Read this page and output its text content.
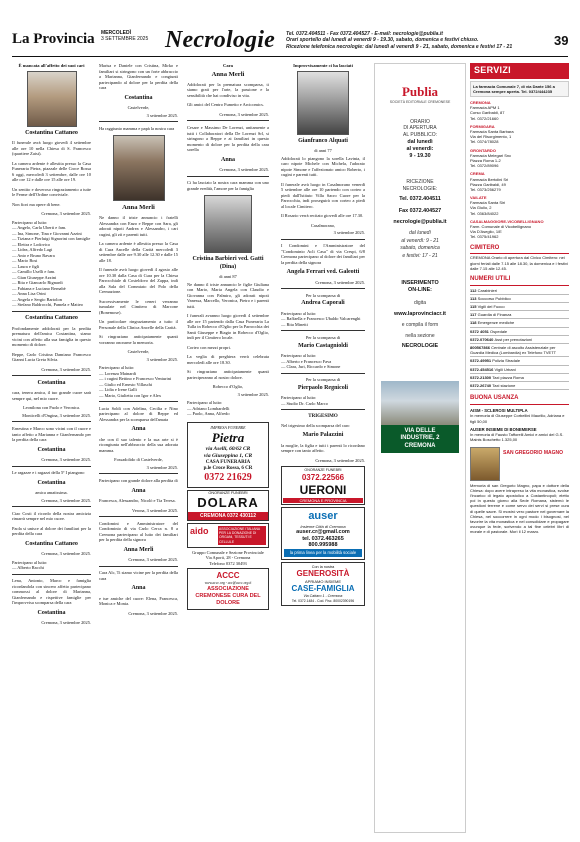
La Provincia MERCOLEDÌ
3 SETTEMBRE 2025 Necrologie Tel. 0372.404511 - Fax 0372.404527 - E-mail: necrologie@publia.it
Orari sportello dal lunedì al venerdì 9 - 19.30, sabato, domenica e festivi chiuso.
Ricezione telefonica necrologie: dal lunedì al venerdì 9 - 21, sabato, domenica e festivi 17 - 21	39
È mancata all'affetto dei suoi cari
Costantina Cattaneo

Il funerale avrà luogo giovedì 4 settembre alle ore 10 nella Chiesa di S. Francesco (quartiere Zaist).

La camera ardente è allestita presso la Casa Funeraria Pietra, piazzale delle Croce Rossa 6 oggi, mercoledì 3 settembre, dalle ore 10 alle ore 12 e dalle ore 15 alle ore 19.

Un sentito e doveroso ringraziamento a tutte le Ferme dell'Ordine conviviale.

Non fiori ma opere di bene.

Cremona, 3 settembre 2025.
Partecipano al lutto:
— Angelo, Carla Uberti e fam.
— Ina, Simone, Tina e Giovanni Azzini
— Tiziana e Pierluigi Signorini con famiglie
— Elettra e Lodovico
— Lidea, Alfredo Lagi
— Anto e Bruno Ravara
— Mario Bosi
— Laura e figli
— Camillo Uselli e fam.
— Gian Giuseppe Azzini
— Rita e Giancarlo Rignardi
— Fabiana e Luciano Bernabè
— Anna Lisa Orini
— Angela e Sergio Bartolon
— Stefano Baldrocchi, Pamela e Matteo
Costantina Cattaneo

Profondamente addolorati per la perdita prematura dell'amica Costantina, siamo vicini con affetto alla sua famiglia in questo momento di dolore.

Beppe, Carlo Cristina Damiano Francesco Gianni Lucia Greta Silvia.

Cremona, 3 settembre 2025.
Costantina

cara, tenera amica, il tuo grande cuore sarà sempre qui, nel mio cuore.

Leonilona con Paolo e Veronica.
Monticelli d'Ongina, 3 settembre 2025.

Ernestina e Marco sono vicini con il cuore e tanto affetto a Marianna e Gianfernando per la perdita della cara

Costantina
Cremona, 3 settembre 2025.

Le ragazze e i ragazzi della 5ª I piangono

Costantina
amica amatissima.
Cremona, 3 settembre 2025.

Ciao Costi il ricordo della nostra amicizia rimarrà sempre nel mio cuore.

Paola si unisce al dolore dei familiari per la perdita della cara

Costantina Cattaneo
Cremona, 3 settembre 2025.
Partecipano al lutto:
— Alberto Racchi

Lena, Antonio, Marco e famiglia ricordandola con sincero affetto partecipano commossi al dolore di Marianna, Gianfernando e rispettive famiglie per l'improvvisa scomparsa della cara

Costantina
Cremona, 3 settembre 2025.

Marisa e Daniele con Cristina, Mirko e familiari si stringono con un forte abbraccio a Marianna, Gianfernando e congiunti partecipando al dolore per la perdita della cara

Costantina
Castelverde,
3 settembre 2025.

Ha raggiunto mamma e papà la nostra cara

Anna Merli

Ne danno il triste annuncio i fratelli Alessandra con Enzo e Beppe con Sara, gli adorati nipoti Andrea e Alessandro, i cari cugini, gli zii e parenti tutti.

La camera ardente è allestita presso la Casa di Cura Ancelle della Carità mercoledì 3 settembre dalle ore 9.30 alle 12.30 e dalle 15 alle 18.

Il funerale avrà luogo giovedì 4 agosto alle ore 10.30 dalla Casa di Cura per la Chiesa Parrocchiale di Costeldovo del Zappa, indi alla Sala del Commiato del Polo della Cremazione.

Successivamente le ceneri verranno tumulate nel Cimitero di Marcone (Bonemose).

Un particolare ringraziamento a tutto il Personale della Clinica Ancelle della Carità.

Si ringraziano anticipatamente quanti vorranno onorarne la memoria.

Castelverde,
3 settembre 2025.
Partecipano al lutto:
— Lorenza Mainardi
— i cugini Bettino e Francesco Venturini
— Giulio ed Ernesto Villaschi
— Lidia e Irene Galli
— Mario, Giulietta con Igor e Alex

Lucia Soldi con Adelina, Cecilia e Nino partecipano al dolore di Beppe ed Alessandra per la scomparsa dell'amata

Anna

che con il suo talento e la sua arte si è ricongiunta nell'abbraccio della sua adorata mamma.

Fossadolido di Castelverde,
3 settembre 2025.

Partecipano con grande dolore alla perdita di

Anna

Francesca, Alessandro, Nicolò e Tia Teresa.

Verona, 3 settembre 2025.

Condomini e Amministratore del Condominio di via Carlo Cerca n. 8 a Cremona partecipano al lutto dei familiari per la perdita della signora

Anna Merli
Cremona, 3 settembre 2025.

Cara Alc, Ti siamo vicine per la perdita della cara

Anna

e tue amiche del cuore: Elena, Francesca, Monica e Monia.

Cremona, 3 settembre 2025.
Cara
Anna Merli

Addolorati per la prematura scomparsa, ti siamo grati per l'arte, la passione e la sensibilità che hai condiviso in vita.

Gli amici del Centro Fumetto e Arcicomics.

Cremona, 3 settembre 2025.

Cesare e Massimo De Lorenzi, unitamente a tutti i Collaboratori della De Lorenzi Srl, si stringono a Beppe e ai familiari in questo momento di dolore per la perdita della cara sorella

Anna
Cremona, 3 settembre 2025.

Ci ha lasciato la nostra cara mamma con uno grande eredità, l'amore per la famiglia

Cristina Barbieri ved. Gatti (Dina)
di anni 87

Ne danno il triste annuncio le figlie Giuliana con Mario, Maria Angela con Claudio e Giovanna con Palmiro, gli adorati nipoti Vanessa, Marcello, Veronica, Pietro e i parenti tutti.

I funerali avranno luogo giovedì 4 settembre alle ore 15 partendo dalla Casa Funeraria La Tulla in Robecco d'Oglio per la Parrocchia dei Santi Giuseppe e Biagio in Robecco d'Oglio, indi per il Cimitero locale.

Corteo con mezzi propri.

La veglia di preghiera verrà celebrata mercoledì alle ore 18.30.

Si ringraziano anticipatamente quanti parteciperanno al nostro dolore.

Robecco d'Oglio,
3 settembre 2025.
Partecipano al lutto:
— Adriano Lombardelli
— Paolo, Anna, Alfredo
IMPRESA FUNEBRE
Pietra
via Aselli, 60/62 CR
via Giuseppina 1, CR
CASA FUNERARIA
p.le Croce Rossa, 6 CR
0372 21629
ONORANZE FUNEBRI
DOLARA
CREMONA 0372 430112
aido	ASSOCIAZIONE ITALIANA PER LA DONAZIONE DI ORGANI, TESSUTI E CELLULE
Gruppo Comunale e Sezione Provinciale
Via Aporti, 28 - Cremona
Telefono 0372 30493
ACCC
www.accc.org - acc@accc.org.it
ASSOCIAZIONE CREMONESE CURA DEL DOLORE
Improvvisamente ci ha lasciati
Gianfranco Alquati
di anni 77

Addolorati lo piangono la sorella Lavinia, il caro nipote Michele con Michela, l'adorato nipote Simone e l'affezionato amico Roberto, i cugini e parenti tutti.

Il funerale avrà luogo in Casalmorano venerdì 5 settembre alle ore 10 partendo con corteo a piedi dall'Istituto Villa Sacro Cuore per la Parrocchia, indi proseguirà con corteo a piedi al locale Cimitero.

Il Rosario verrà recitato giovedì alle ore 17.30.

Casalmorano,
3 settembre 2025.

I Condomini e l'Amministratore del "Condominio Acli Casa" di via Crespi, 6/8 Cremona partecipano al dolore dei familiari per la perdita della signora

Angela Ferrari ved. Galeotti
Cremona, 3 settembre 2025.
Per la scomparsa di
Andrea Caporali
Partecipano al lutto:
— Raffaella e Francesco Ubaldo Valcarenghi
— Rita Minetti
Per la scomparsa di
Mario Castagnioldi
Partecipano al lutto:
— Alberto e Francesco Fava
— Clara, Juri, Riccardo e Simone
Per la scomparsa di
Pierpaolo Regnicoli
Partecipano al lutto:
— Studio Dr. Carlo Marco
TRIGESIMO

Nel trigesimo della scomparsa del caro

Mario Palazzini

la moglie, la figlia e tutti i parenti lo ricordano sempre con tanto affetto.

Cremona, 3 settembre 2025.
ONORANZE FUNEBRI
0372.22566
UERONI
CREMONA E PROVINCIA
auser
Insieme Città di Cremona
auser.cr@gmail.com
tel. 0372.463265
800.995988
la prima linea per la mobilità sociale
Con la nostra
GENEROSITÀ
APRIAMO INSIEME
CASE-FAMIGLIA
Via Cattaro 1 - Cremona
Tel. 0372.1484 - Cod. Fisc. 80002390196
Publia
SOCIETÀ EDITORIALE CREMONESE
ORARIO
DI APERTURA
AL PUBBLICO:
dal lunedì
al venerdì:
9 - 19.30
RICEZIONE
NECROLOGIE:
Tel. 0372.404511
Fax 0372.404527
necrologie@publia.it
dal lunedì
al venerdì: 9 - 21
sabato, domenica
e festivi: 17 - 21
INSERIMENTO
ON-LINE:
digita
www.laprovinciacr.it
e compila il form
nella sezione
NECROLOGIE
VIA DELLE
INDUSTRIE, 2
CREMONA
SERVIZI
La farmacia Comunale 7, di via Dante 156 a Cremona sempre aperta. Tel. 0372/444235
CREMONA
Farmacia APM 1
Corso Garibaldi, 87
Tel. 0372/21660
FORMIGARA
Farmacia Santa Barbara
Via del Risorgimento, 1
Tel. 0374/78028
GRONTARDO
Farmacia Melegari Snc
Piazza Roma 1-2
Tel. 0372/89096
CREMA
Farmacia Bertolini Sri
Piazza Garibaldi, 49
Tel. 0373/256279
VAILATE
Farmacia Santa Siri
Via Giulio, 2
Tel. 0363/84022
CASALMAGGIORE-VICOBELLIGNANO
Farm. Comunale di Vicobellignano
Via D'Aseglio, 1/E
Tel. 0375/41962
CIMITERO
CREMONA Orario di apertura dal Civico Cimitero: nei giorni feriali dalle 7.15 alle 18.30, la domenica e i festivi dalle 7.15 alle 12.45.
NUMERI UTILI
112 Carabinieri
113 Soccorso Pubblico
115 Vigili del Fuoco
117 Guardia di Finanza
118 Emergenze mediche
0372 4051 Ospedale
0372.070640 Asst per prenotazioni
800567866 Centrale di ascolto Assistenziale per Guardia Medica (Lombardia) ex Telefono TVETT
0372.49951 Polizia Stradale
0372.454516 Vigili Urbani
0372.21300 Taxi piazza Roma
0372.26740 Taxi stazione
BUONA USANZA
AISM - SCLEROSI MULTIPLA
In memoria di Giuseppe Corbellini Maurilio, Adriana e figli 50,00
AUSER INSIEME DI BONEMERSE
In memoria di Fausto Tafforelli Amici e amici del G.S. Mainis Boschetto 1.325,00
SAN GREGORIO MAGNO
Memoria di san Gregorio Magno, papa e dottore della Chiesa: dopo avere intrapreso la vita monastica, svolse l'incarico di legato apostolico a Costantinopoli; eletto poi in questo giorno alla Sede Romana, sistemò le questioni terrene e come servo dei servi si prese cura di quelle sacre. Si mostrò vero pastore nel governare la Chiesa, nel soccorrere in ogni modo i bisognosi, nel favorire la vita monastica e nel consolidare e propagare ovunque la fede, scrivendo a tal fine celebri libri di morale e di pastorale. Morì il 12 marzo.
